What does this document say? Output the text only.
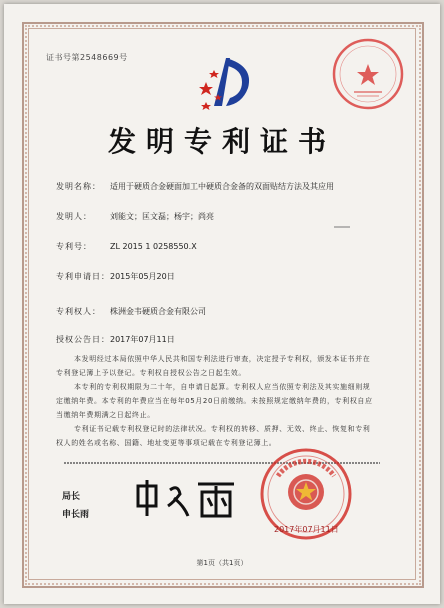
证书号第2548669号
发明专利证书
发明名称： 适用于硬质合金硬面加工中硬质合金备的双面贴结方法及其应用
发明人： 刘能文；匡文磊；杨宇；尚亮
专利号： ZL 2015 1 0258550.X
专利申请日：2015年05月20日
专利权人： 株洲金韦硬质合金有限公司
授权公告日：2017年07月11日
本发明经过本局依照中华人民共和国专利法进行审查，决定授予专利权，颁发本证书并在专利登记簿上予以登记。专利权自授权公告之日起生效。
本专利的专利权期限为二十年，自申请日起算。专利权人应当依照专利法及其实施细则规定缴纳年费。本专利的年费应当在每年05月20日前缴纳。未按照规定缴纳年费的，专利权自应当缴纳年费期满之日起终止。
专利证书记载专利权登记时的法律状况。专利权的转移、质押、无效、终止、恢复和专利权人的姓名或名称、国籍、地址变更等事项记载在专利登记簿上。
局长
申长雨
2017年07月11日
第1页（共1页）
